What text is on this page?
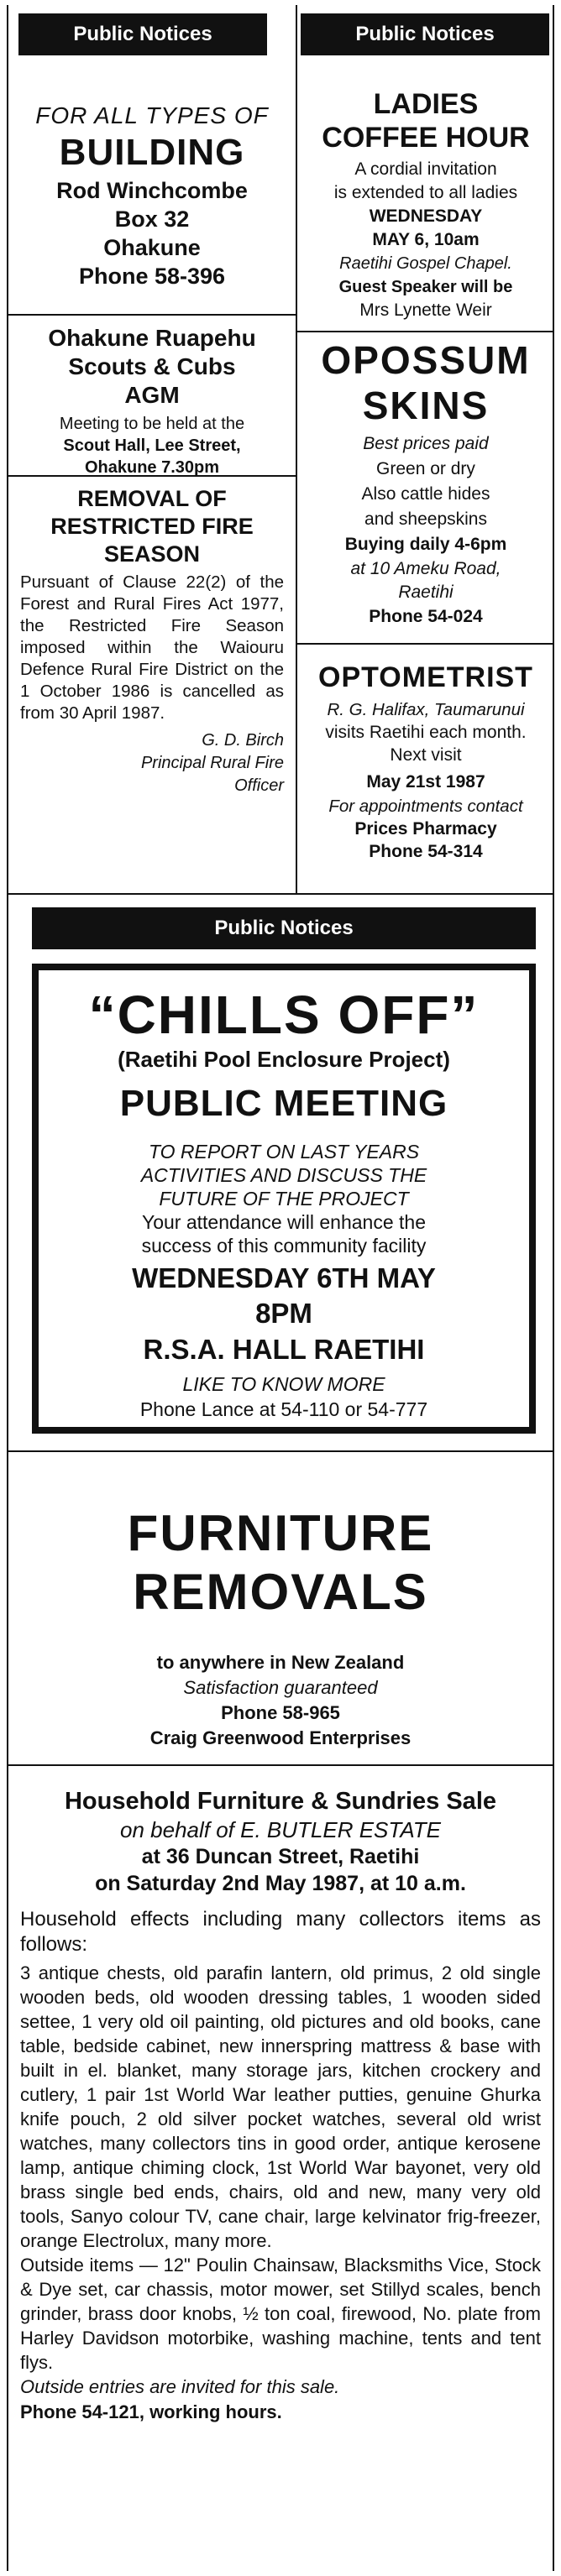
Public Notices	Public Notices
FOR ALL TYPES OF
BUILDING
Rod Winchcombe
Box 32
Ohakune
Phone 58-396
LADIES
COFFEE HOUR
A cordial invitation
is extended to all ladies
WEDNESDAY
MAY 6, 10am
Raetihi Gospel Chapel.
Guest Speaker will be
Mrs Lynette Weir
Ohakune Ruapehu
Scouts & Cubs
AGM
Meeting to be held at the
Scout Hall, Lee Street,
Ohakune 7.30pm
OPOSSUM
SKINS
Best prices paid
Green or dry
Also cattle hides
and sheepskins
Buying daily 4-6pm
at 10 Ameku Road,
Raetihi
Phone 54-024
REMOVAL OF
RESTRICTED FIRE
SEASON
Pursuant of Clause 22(2) of the Forest and Rural Fires Act 1977, the Restricted Fire Season imposed within the Waiouru Defence Rural Fire District on the 1 October 1986 is cancelled as from 30 April 1987.
G. D. Birch
Principal Rural Fire
Officer
OPTOMETRIST
R. G. Halifax, Taumarunui
visits Raetihi each month.
Next visit
May 21st 1987
For appointments contact
Prices Pharmacy
Phone 54-314
Public Notices
“CHILLS OFF”
(Raetihi Pool Enclosure Project)
PUBLIC MEETING
TO REPORT ON LAST YEARS
ACTIVITIES AND DISCUSS THE
FUTURE OF THE PROJECT
Your attendance will enhance the
success of this community facility
WEDNESDAY 6TH MAY
8PM
R.S.A. HALL RAETIHI
LIKE TO KNOW MORE
Phone Lance at 54-110 or 54-777
FURNITURE
REMOVALS
to anywhere in New Zealand
Satisfaction guaranteed
Phone 58-965
Craig Greenwood Enterprises
Household Furniture & Sundries Sale
on behalf of E. BUTLER ESTATE
at 36 Duncan Street, Raetihi
on Saturday 2nd May 1987, at 10 a.m.
Household effects including many collectors items as follows:
3 antique chests, old parafin lantern, old primus, 2 old single wooden beds, old wooden dressing tables, 1 wooden sided settee, 1 very old oil painting, old pictures and old books, cane table, bedside cabinet, new innerspring mattress & base with built in el. blanket, many storage jars, kitchen crockery and cutlery, 1 pair 1st World War leather putties, genuine Ghurka knife pouch, 2 old silver pocket watches, several old wrist watches, many collectors tins in good order, antique kerosene lamp, antique chiming clock, 1st World War bayonet, very old brass single bed ends, chairs, old and new, many very old tools, Sanyo colour TV, cane chair, large kelvinator frig-freezer, orange Electrolux, many more.
Outside items — 12" Poulin Chainsaw, Blacksmiths Vice, Stock & Dye set, car chassis, motor mower, set Stillyd scales, bench grinder, brass door knobs, ½ ton coal, firewood, No. plate from Harley Davidson motorbike, washing machine, tents and tent flys.
Outside entries are invited for this sale.
Phone 54-121, working hours.
